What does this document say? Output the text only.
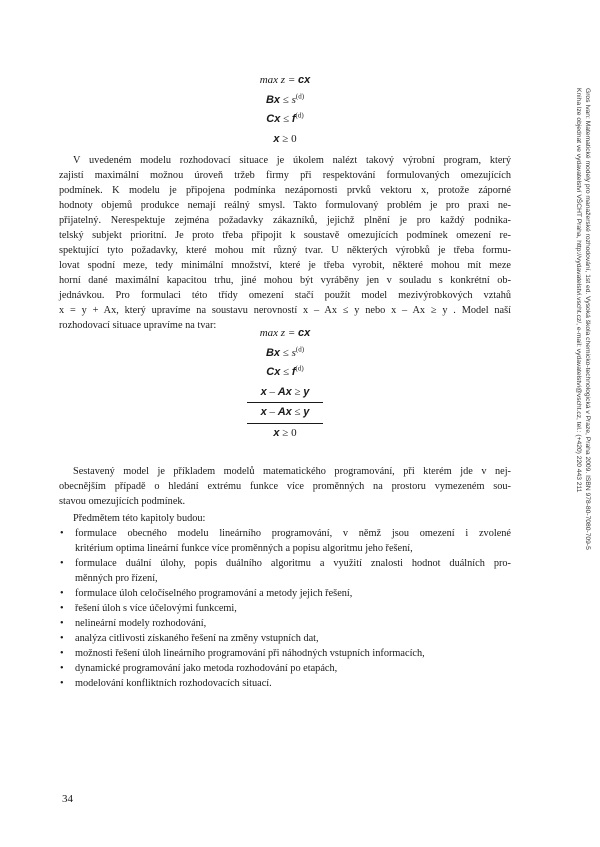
max z = cx
$Bx \le s^{(d)}$
$Cx \le f^{(d)}$
x ≥ 0
V uvedeném modelu rozhodovací situace je úkolem nalézt takový výrobní program, který
zajistí maximální možnou úroveň tržeb firmy při respektování formulovaných omezujících
podmínek. K modelu je připojena podmínka nezápornosti prvků vektoru x, protože záporné
hodnoty objemů produkce nemají reálný smysl. Takto formulovaný problém je pro praxi ne-
přijatelný. Nerespektuje zejména požadavky zákazníků, jejichž plnění je pro každý podnika-
telský subjekt prioritní. Je proto třeba připojit k soustavě omezujících podmínek omezení re-
spektující tyto požadavky, které mohou mít různý tvar. U některých výrobků je třeba formu-
lovat spodní meze, tedy minimální množství, které je třeba vyrobit, některé mohou mít meze
horní dané maximální kapacitou trhu, jiné mohou být vyráběny jen v souladu s konkrétní ob-
jednávkou. Pro formulaci této třídy omezení stačí použít model mezivýrobkových vztahů
x = y + Ax, který upravíme na soustavu nerovností x – Ax ≤ y nebo x – Ax ≥ y . Model naší
rozhodovací situace upravíme na tvar:
max z = cx
$Bx \le s^{(d)}$
$Cx \le f^{(d)}$
x – Ax ≥ y
x – Ax ≤ y
x ≥ 0
Sestavený model je příkladem modelů matematického programování, při kterém jde v nej-
obecnějším případě o hledání extrému funkce více proměnných na prostoru vymezeném sou-
stavou omezujících podmínek.
Předmětem této kapitoly budou:
• formulace obecného modelu lineárního programování, v němž jsou omezení i zvolené
kritérium optima lineární funkce více proměnných a popisu algoritmu jeho řešení,
• formulace duální úlohy, popis duálního algoritmu a využití znalosti hodnot duálních pro-
měnných pro řízení,
• formulace úloh celočíselného programování a metody jejich řešení,
• řešení úloh s více účelovými funkcemi,
• nelineární modely rozhodování,
• analýza citlivosti získaného řešení na změny vstupních dat,
• možnosti řešení úloh lineárního programování při náhodných vstupních informacích,
• dynamické programování jako metoda rozhodování po etapách,
• modelování konfliktních rozhodovacích situací.
Gros Ivan: Matematické modely pro manažerské rozhodování, 1st ed. Vysoká škola chemicko-technologická v Praze, Praha 2009. ISBN 978-80-7080-709-5
Kniha lze objednat ve vydavatelství VŠCHT Praha, http://vydavatelstvi.vscht.cz/, e-mail: vydavatelstvi@vscht.cz, tel.: (+420) 220 443 211
34
